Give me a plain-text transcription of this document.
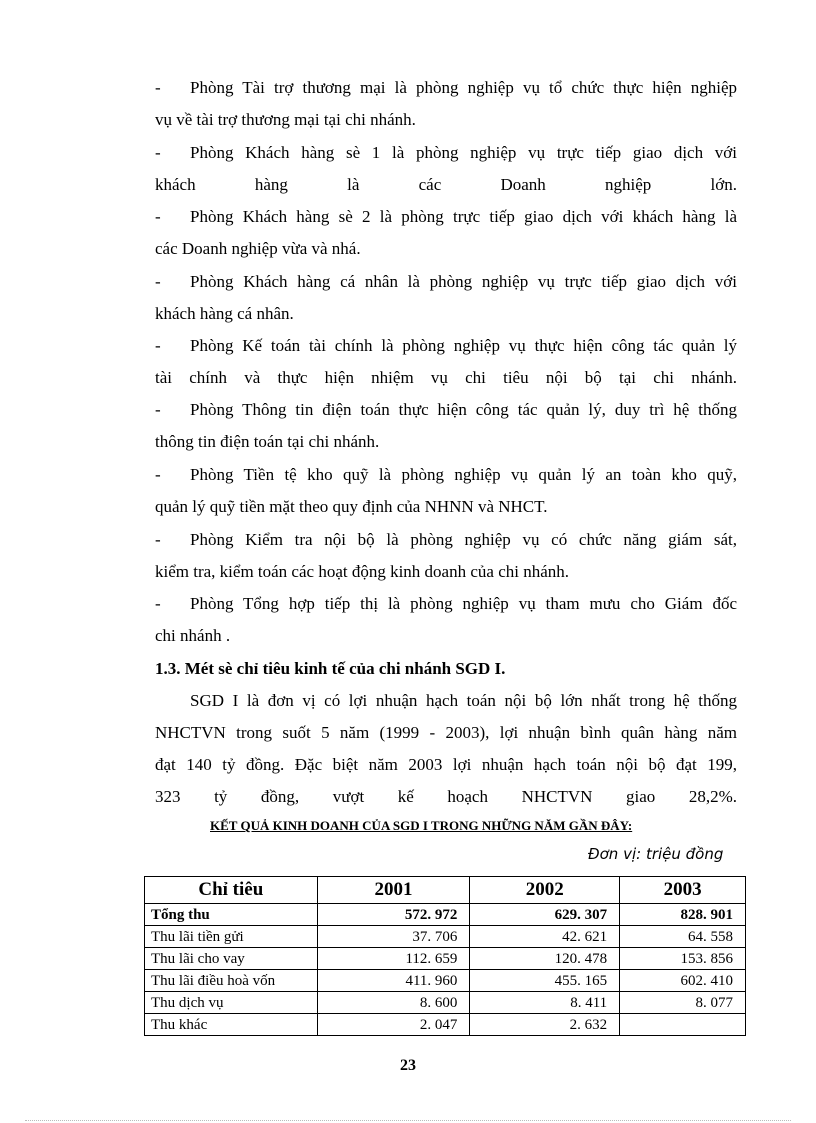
- Phòng Tài trợ thương mại là phòng nghiệp vụ tổ chức thực hiện nghiệp
vụ về tài trợ thương mại tại chi nhánh.
- Phòng Khách hàng sè 1 là phòng nghiệp vụ trực tiếp giao dịch với
khách hàng là các Doanh nghiệp lớn.
- Phòng Khách hàng sè 2 là phòng trực tiếp giao dịch với khách hàng là
các Doanh nghiệp vừa và nhá.
- Phòng Khách hàng cá nhân là phòng nghiệp vụ trực tiếp giao dịch với
khách hàng cá nhân.
- Phòng Kế toán tài chính là phòng nghiệp vụ thực hiện công tác quản lý
tài chính và thực hiện nhiệm vụ chi tiêu nội bộ tại chi nhánh.
- Phòng Thông tin điện toán thực hiện công tác quản lý, duy trì hệ thống
thông tin điện toán tại chi nhánh.
- Phòng Tiền tệ kho quỹ là phòng nghiệp vụ quản lý an toàn kho quỹ,
quản lý quỹ tiền mặt theo quy định của NHNN và NHCT.
- Phòng Kiểm tra nội bộ là phòng nghiệp vụ có chức năng giám sát,
kiểm tra, kiểm toán các hoạt động kinh doanh của chi nhánh.
- Phòng Tổng hợp tiếp thị là phòng nghiệp vụ tham mưu cho Giám đốc
chi nhánh .
1.3. Mét sè chỉ tiêu kinh tế của chi nhánh SGD I.
SGD I là đơn vị có lợi nhuận hạch toán nội bộ lớn nhất trong hệ thống
NHCTVN trong suốt 5 năm (1999 - 2003), lợi nhuận bình quân hàng năm
đạt 140 tỷ đồng. Đặc biệt năm 2003 lợi nhuận hạch toán nội bộ đạt 199,
323 tỷ đồng, vượt kế hoạch NHCTVN giao 28,2%.
KẾT QUẢ KINH DOANH CỦA SGD I TRONG NHỮNG NĂM GẦN ĐÂY:
Đơn vị: triệu đồng
Chỉ tiêu	2001	2002	2003
Tổng thu	572. 972	629. 307	828. 901
Thu lãi tiền gửi	37. 706	42. 621	64. 558
Thu lãi cho vay	112. 659	120. 478	153. 856
Thu lãi điều hoà vốn	411. 960	455. 165	602. 410
Thu dịch vụ	8. 600	8. 411	8. 077
Thu khác	2. 047	2. 632	
23
